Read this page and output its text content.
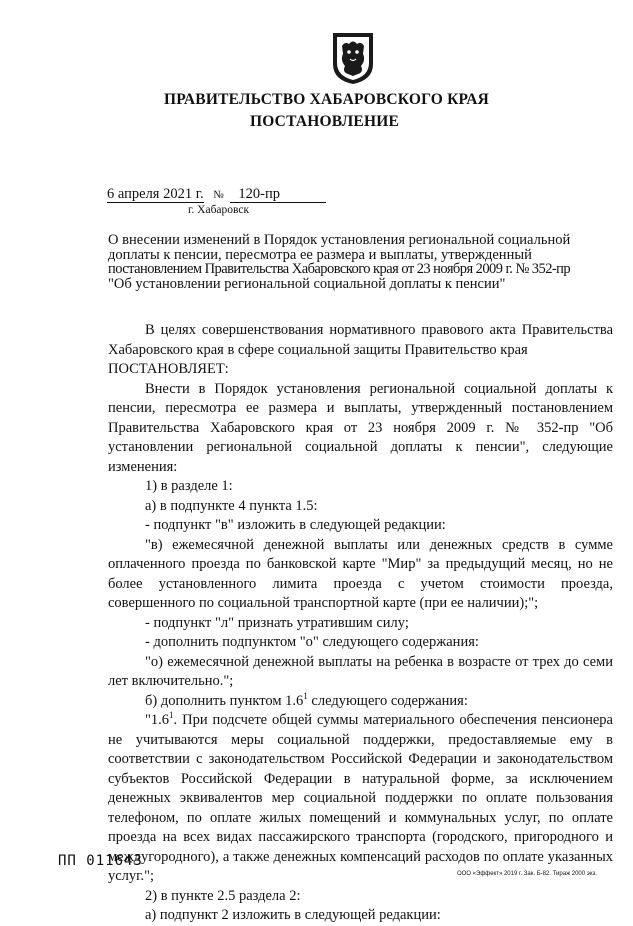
ПРАВИТЕЛЬСТВО ХАБАРОВСКОГО КРАЯ
ПОСТАНОВЛЕНИЕ
6 апреля 2021 г. № 120-пр
г. Хабаровск
О внесении изменений в Порядок установления региональной социальной
доплаты к пенсии, пересмотра ее размера и выплаты, утвержденный
постановлением Правительства Хабаровского края от 23 ноября 2009 г. № 352-пр
"Об установлении региональной социальной доплаты к пенсии"

В целях совершенствования нормативного правового акта Правительства Хабаровского края в сфере социальной защиты Правительство края

ПОСТАНОВЛЯЕТ:

Внести в Порядок установления региональной социальной доплаты к пенсии, пересмотра ее размера и выплаты, утвержденный постановлением Правительства Хабаровского края от 23 ноября 2009 г. № 352-пр "Об установлении региональной социальной доплаты к пенсии", следующие изменения:

1) в разделе 1:

а) в подпункте 4 пункта 1.5:

- подпункт "в" изложить в следующей редакции:

"в) ежемесячной денежной выплаты или денежных средств в сумме оплаченного проезда по банковской карте "Мир" за предыдущий месяц, но не более установленного лимита проезда с учетом стоимости проезда, совершенного по социальной транспортной карте (при ее наличии);";

- подпункт "л" признать утратившим силу;

- дополнить подпунктом "о" следующего содержания:

"о) ежемесячной денежной выплаты на ребенка в возрасте от трех до семи лет включительно.";

б) дополнить пунктом $1.6^1$ следующего содержания:

"$1.6^1$. При подсчете общей суммы материального обеспечения пенсионера не учитываются меры социальной поддержки, предоставляемые ему в соответствии с законодательством Российской Федерации и законодательством субъектов Российской Федерации в натуральной форме, за исключением денежных эквивалентов мер социальной поддержки по оплате пользования телефоном, по оплате жилых помещений и коммунальных услуг, по оплате проезда на всех видах пассажирского транспорта (городского, пригородного и междугородного), а также денежных компенсаций расходов по оплате указанных услуг.";

2) в пункте 2.5 раздела 2:

а) подпункт 2 изложить в следующей редакции:

ПП 011643
ООО «Эффект» 2019 г. Зак. Б-82. Тираж 2000 экз.
